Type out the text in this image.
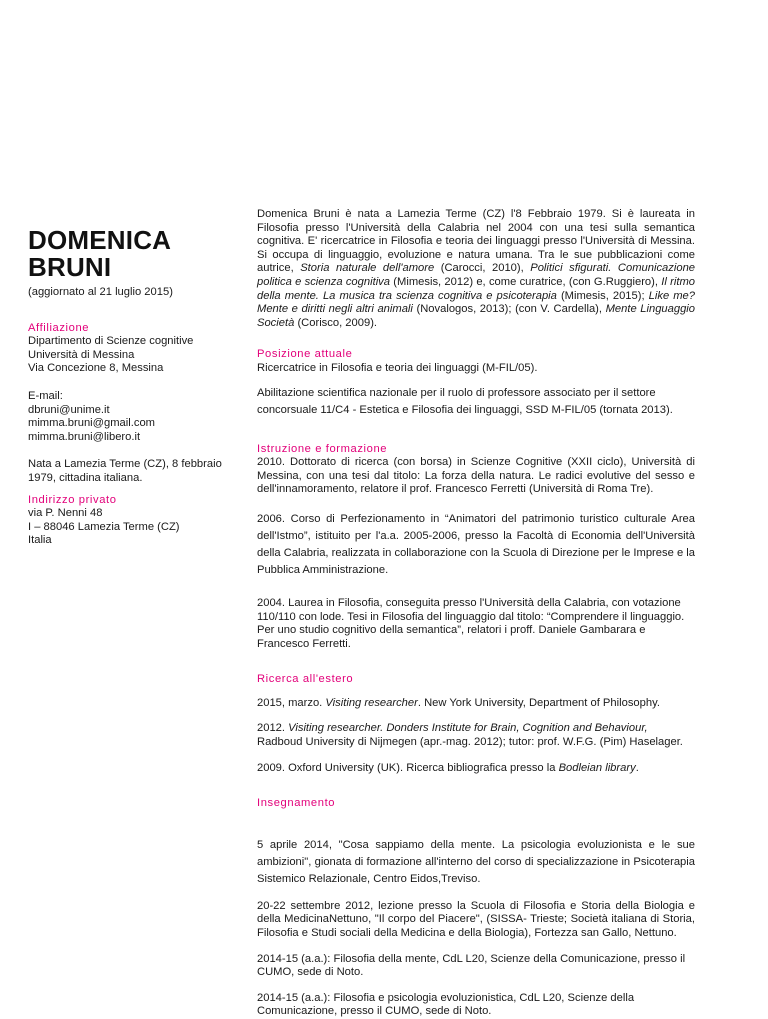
DOMENICA
BRUNI
(aggiornato al 21 luglio 2015)
Affiliazione
Dipartimento di Scienze cognitive
Università di Messina
Via Concezione 8, Messina
E-mail:
dbruni@unime.it
mimma.bruni@gmail.com
mimma.bruni@libero.it
Nata a Lamezia Terme (CZ), 8 febbraio
1979, cittadina italiana.
Indirizzo privato
via P. Nenni 48
I – 88046 Lamezia Terme (CZ)
Italia

Domenica Bruni è nata a Lamezia Terme (CZ) l'8 Febbraio 1979. Si è laureata in Filosofia presso l'Università della Calabria nel 2004 con una tesi sulla semantica cognitiva. E' ricercatrice in Filosofia e teoria dei linguaggi presso l'Università di Messina. Si occupa di linguaggio, evoluzione e natura umana. Tra le sue pubblicazioni come autrice, Storia naturale dell'amore (Carocci, 2010), Politici sfigurati. Comunicazione politica e scienza cognitiva (Mimesis, 2012) e, come curatrice, (con G.Ruggiero), Il ritmo della mente. La musica tra scienza cognitiva e psicoterapia (Mimesis, 2015); Like me? Mente e diritti negli altri animali (Novalogos, 2013); (con V. Cardella), Mente Linguaggio Società (Corisco, 2009).

Posizione attuale

Ricercatrice in Filosofia e teoria dei linguaggi (M-FIL/05).

Abilitazione scientifica nazionale per il ruolo di professore associato per il settore concorsuale 11/C4 - Estetica e Filosofia dei linguaggi, SSD M-FIL/05 (tornata 2013).

Istruzione e formazione

2010. Dottorato di ricerca (con borsa) in Scienze Cognitive (XXII ciclo), Università di Messina, con una tesi dal titolo: La forza della natura. Le radici evolutive del sesso e dell'innamoramento, relatore il prof. Francesco Ferretti (Università di Roma Tre).

2006. Corso di Perfezionamento in “Animatori del patrimonio turistico culturale Area dell'Istmo”, istituito per l'a.a. 2005-2006, presso la Facoltà di Economia dell'Università della Calabria, realizzata in collaborazione con la Scuola di Direzione per le Imprese e la Pubblica Amministrazione.

2004. Laurea in Filosofia, conseguita presso l'Università della Calabria, con votazione 110/110 con lode. Tesi in Filosofia del linguaggio dal titolo: “Comprendere il linguaggio. Per uno studio cognitivo della semantica”, relatori i proff. Daniele Gambarara e Francesco Ferretti.

Ricerca all'estero

2015, marzo. Visiting researcher. New York University, Department of Philosophy.

2012. Visiting researcher. Donders Institute for Brain, Cognition and Behaviour, Radboud University di Nijmegen (apr.-mag. 2012); tutor: prof. W.F.G. (Pim) Haselager.

2009. Oxford University (UK). Ricerca bibliografica presso la Bodleian library.

Insegnamento

5 aprile 2014, "Cosa sappiamo della mente. La psicologia evoluzionista e le sue ambizioni", gionata di formazione all'interno del corso di specializzazione in Psicoterapia Sistemico Relazionale, Centro Eidos,Treviso.

20-22 settembre 2012, lezione presso la Scuola di Filosofia e Storia della Biologia e della MedicinaNettuno, "Il corpo del Piacere", (SISSA- Trieste; Società italiana di Storia, Filosofia e Studi sociali della Medicina e della Biologia), Fortezza san Gallo, Nettuno.

2014-15 (a.a.): Filosofia della mente, CdL L20, Scienze della Comunicazione, presso il CUMO, sede di Noto.

2014-15 (a.a.): Filosofia e psicologia evoluzionistica, CdL L20, Scienze della Comunicazione, presso il CUMO, sede di Noto.
